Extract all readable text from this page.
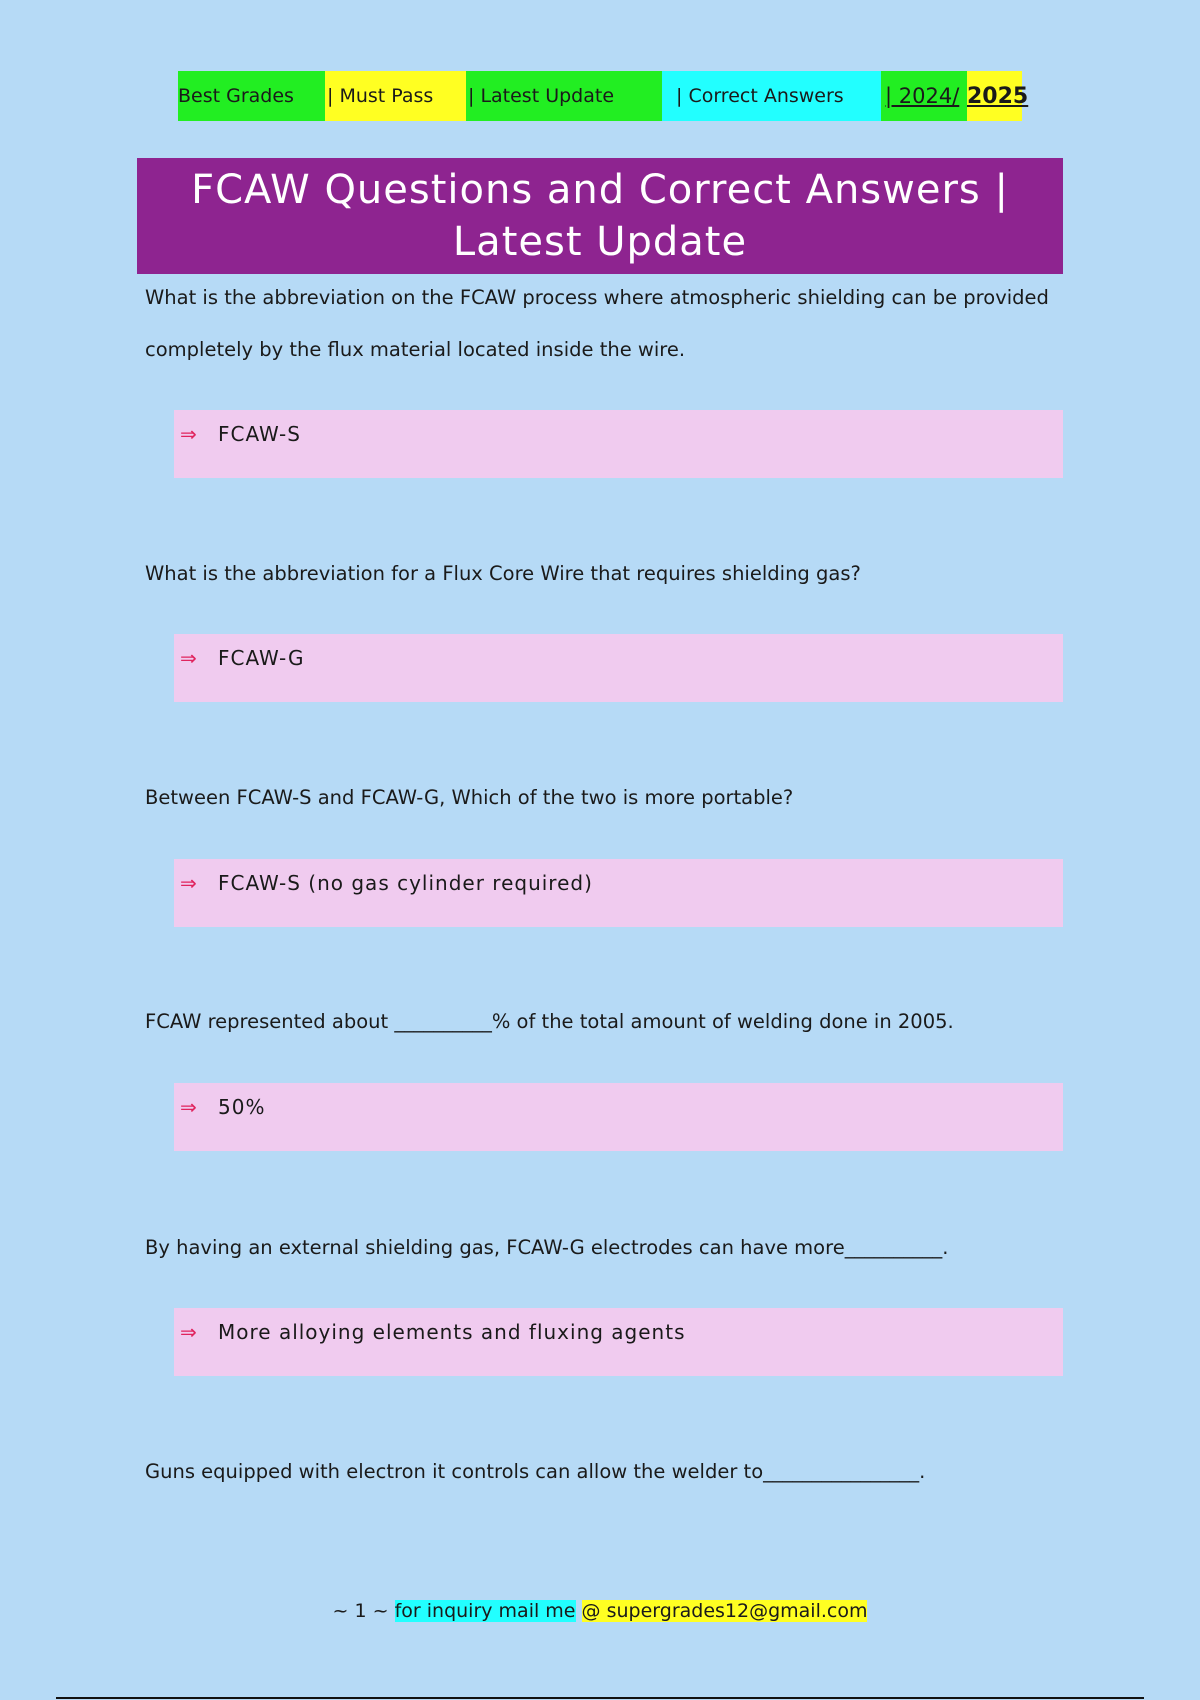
Best Grades	| Must Pass	| Latest Update	| Correct Answers	| 2024/ 2025
FCAW Questions and Correct Answers |
Latest Update
What is the abbreviation on the FCAW process where atmospheric shielding can be provided completely by the flux material located inside the wire.
⇒ FCAW-S
What is the abbreviation for a Flux Core Wire that requires shielding gas?
⇒ FCAW-G
Between FCAW-S and FCAW-G, Which of the two is more portable?
⇒ FCAW-S (no gas cylinder required)
FCAW represented about __________% of the total amount of welding done in 2005.
⇒ 50%
By having an external shielding gas, FCAW-G electrodes can have more__________.
⇒ More alloying elements and fluxing agents
Guns equipped with electron it controls can allow the welder to________________.
~ 1 ~ for inquiry mail me @ supergrades12@gmail.com
